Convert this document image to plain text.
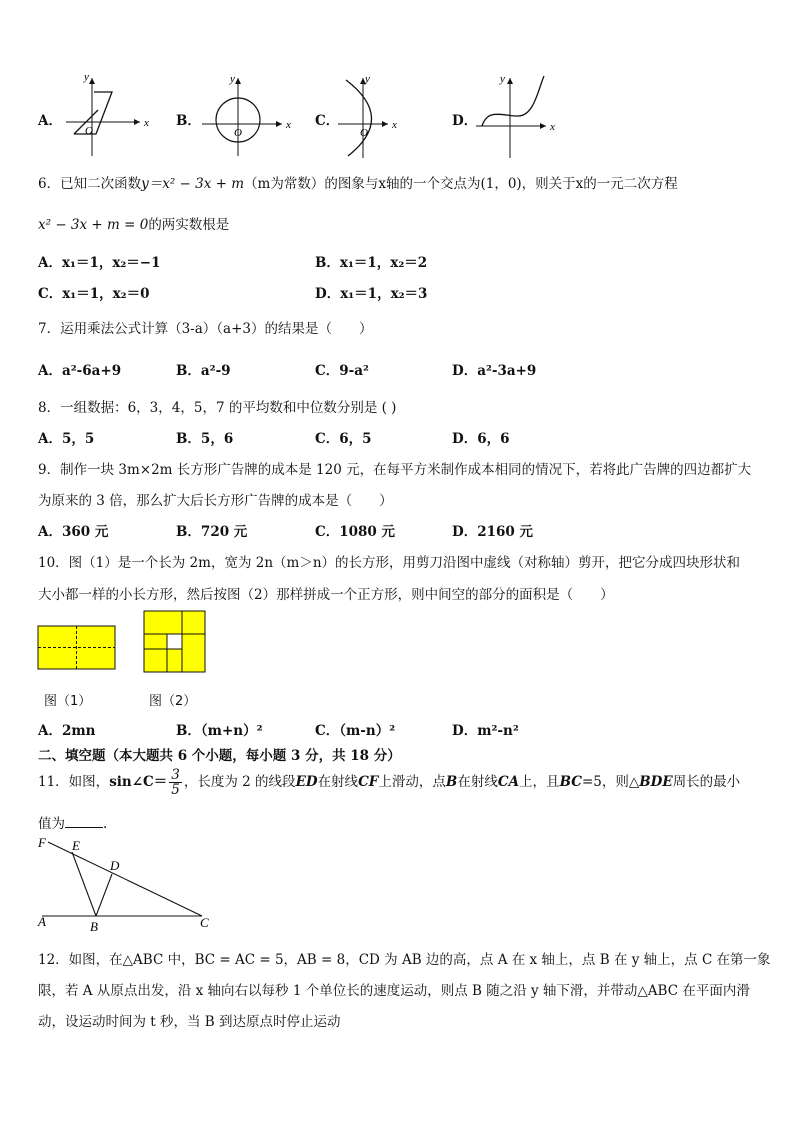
A．	x
y
O
B．	x
y
O
C．	x
y
O
D．	x
y
6．已知二次函数y＝x² − 3x + m（m为常数）的图象与x轴的一个交点为(1，0)，则关于x的一元二次方程
x² − 3x + m = 0的两实数根是
A．x₁＝1，x₂＝−1	B．x₁＝1，x₂＝2
C．x₁＝1，x₂＝0	D．x₁＝1，x₂＝3
7．运用乘法公式计算（3-a）（a+3）的结果是（　　）
A．a²-6a+9	B．a²-9	C．9-a²	D．a²-3a+9
8．一组数据：6，3，4，5，7 的平均数和中位数分别是 ( )
A．5，5	B．5，6	C．6，5	D．6，6
9．制作一块 3m×2m 长方形广告牌的成本是 120 元，在每平方米制作成本相同的情况下，若将此广告牌的四边都扩大
为原来的 3 倍，那么扩大后长方形广告牌的成本是（　　）
A．360 元	B．720 元	C．1080 元	D．2160 元
10．图（1）是一个长为 2m，宽为 2n（m＞n）的长方形，用剪刀沿图中虚线（对称轴）剪开，把它分成四块形状和
大小都一样的小长方形，然后按图（2）那样拼成一个正方形，则中间空的部分的面积是（　　）
图（1）	图（2）
A．2mn	B．（m+n）²	C．（m-n）²	D．m²-n²
二、填空题（本大题共 6 个小题，每小题 3 分，共 18 分）
11．如图，sin∠C＝ $\frac{3}{5}$ ，长度为 2 的线段ED在射线CF上滑动，点B在射线CA上，且BC=5，则△BDE周长的最小
值为	.
F E
D
A	B	C
12．如图，在△ABC 中，BC = AC = 5，AB = 8，CD 为 AB 边的高，点 A 在 x 轴上，点 B 在 y 轴上，点 C 在第一象
限，若 A 从原点出发，沿 x 轴向右以每秒 1 个单位长的速度运动，则点 B 随之沿 y 轴下滑，并带动△ABC 在平面内滑
动，设运动时间为 t 秒，当 B 到达原点时停止运动
